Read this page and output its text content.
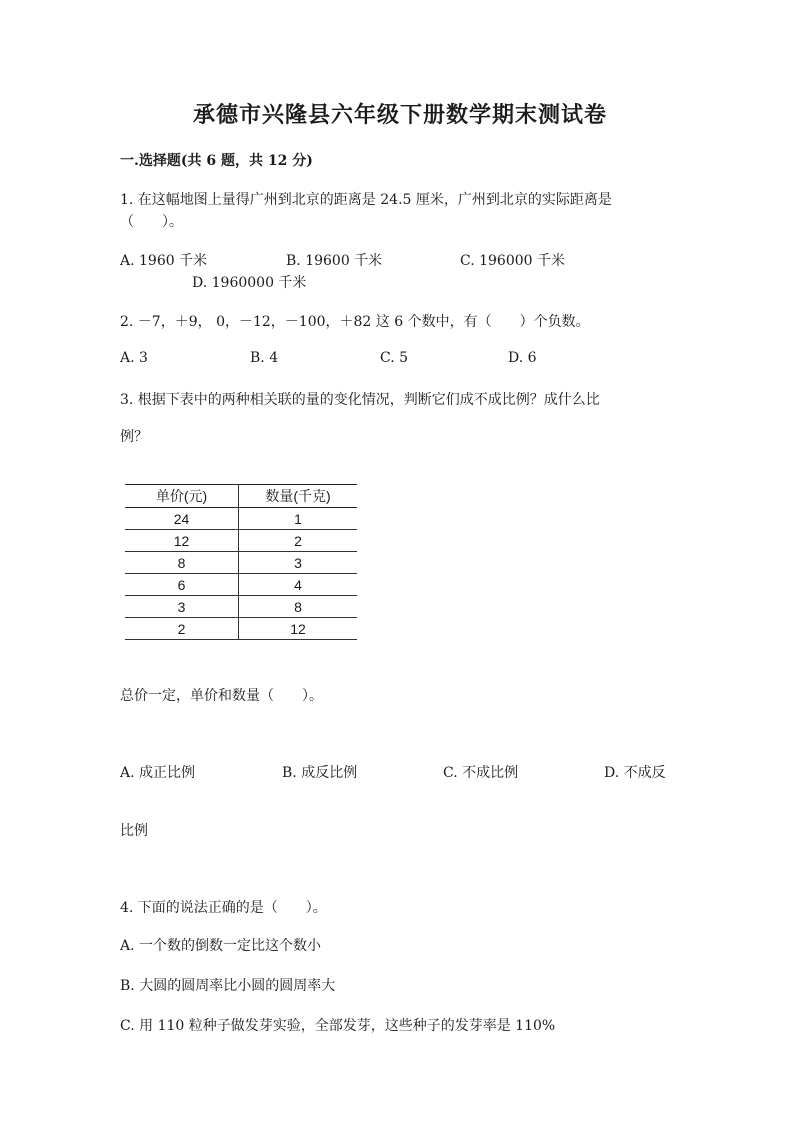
承德市兴隆县六年级下册数学期末测试卷
一.选择题(共 6 题，共 12 分)
1. 在这幅地图上量得广州到北京的距离是 24.5 厘米，广州到北京的实际距离是
（　　）。
A. 1960 千米	B. 19600 千米	C. 196000 千米
D. 1960000 千米
2. －7，＋9， 0，－12，－100，＋82 这 6 个数中，有（　　）个负数。
A. 3	B. 4	C. 5	D. 6
3. 根据下表中的两种相关联的量的变化情况，判断它们成不成比例？成什么比
例？
单价(元)	数量(千克)
24	1
12	2
8	3
6	4
3	8
2	12
总价一定，单价和数量（　　）。
A. 成正比例	B. 成反比例	C. 不成比例	D. 不成反
比例
4. 下面的说法正确的是（　　）。
A. 一个数的倒数一定比这个数小
B. 大圆的圆周率比小圆的圆周率大
C. 用 110 粒种子做发芽实验，全部发芽，这些种子的发芽率是 110%
